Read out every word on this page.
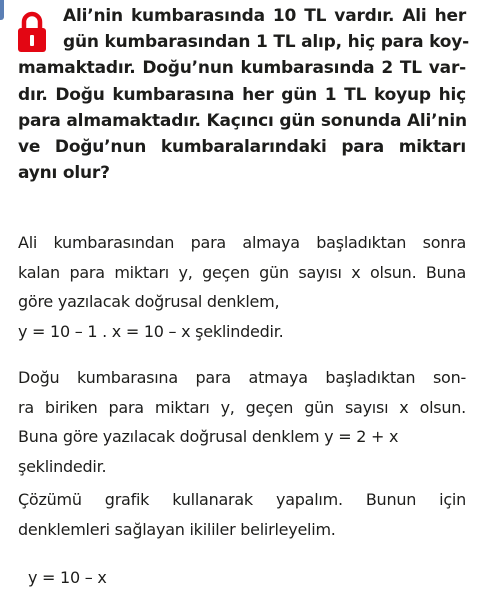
Ali’nin kumbarasında 10 TL vardır. Ali her
gün kumbarasından 1 TL alıp, hiç para koy-
mamaktadır. Doğu’nun kumbarasında 2 TL var-
dır. Doğu kumbarasına her gün 1 TL koyup hiç
para almamaktadır. Kaçıncı gün sonunda Ali’nin
ve Doğu’nun kumbaralarındaki para miktarı
aynı olur?
Ali kumbarasından para almaya başladıktan sonra
kalan para miktarı y, geçen gün sayısı x olsun. Buna
göre yazılacak doğrusal denklem,
y = 10 – 1 . x = 10 – x şeklindedir.
Doğu kumbarasına para atmaya başladıktan son-
ra biriken para miktarı y, geçen gün sayısı x olsun.
Buna göre yazılacak doğrusal denklem y = 2 + x
şeklindedir.
Çözümü grafik kullanarak yapalım. Bunun için
denklemleri sağlayan ikililer belirleyelim.
y = 10 – x
